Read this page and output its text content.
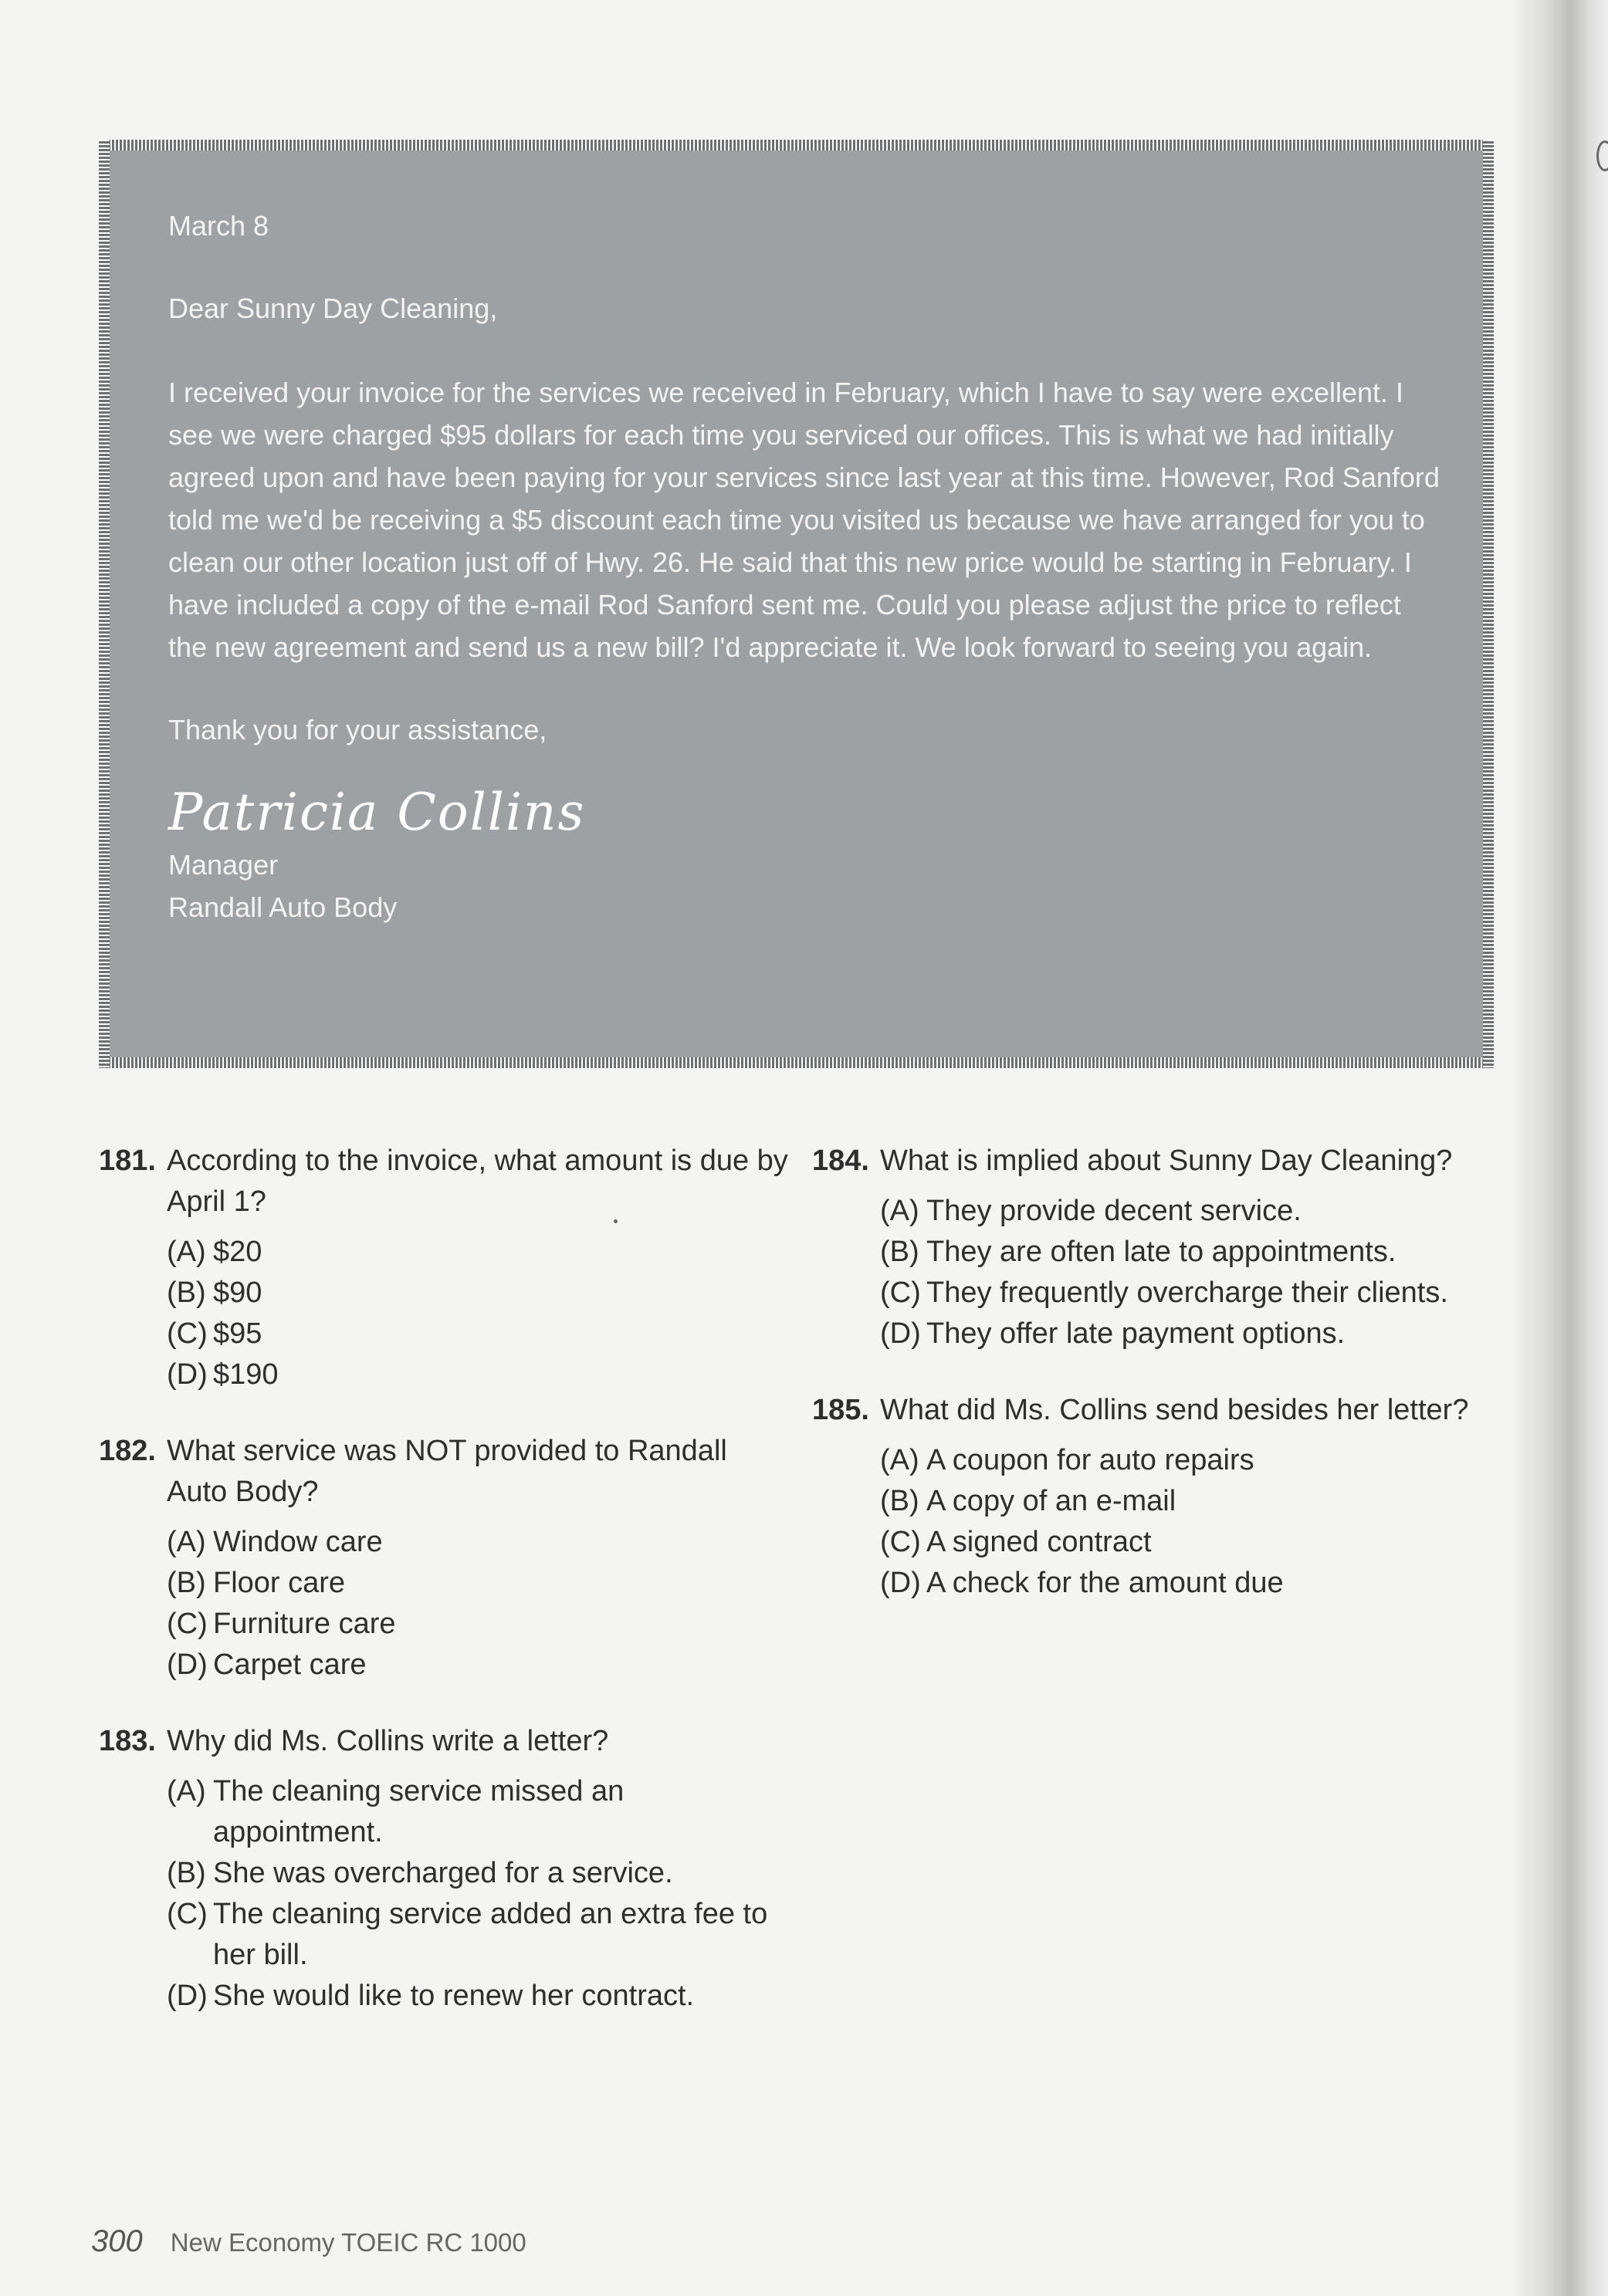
March 8

Dear Sunny Day Cleaning,

I received your invoice for the services we received in February, which I have to say were excellent. I see we were charged $95 dollars for each time you serviced our offices. This is what we had initially agreed upon and have been paying for your services since last year at this time. However, Rod Sanford told me we'd be receiving a $5 discount each time you visited us because we have arranged for you to clean our other location just off of Hwy. 26. He said that this new price would be starting in February. I have included a copy of the e-mail Rod Sanford sent me. Could you please adjust the price to reflect the new agreement and send us a new bill? I'd appreciate it. We look forward to seeing you again.

Thank you for your assistance,

Patricia Collins

Manager

Randall Auto Body

181. According to the invoice, what amount is due by April 1?
(A) $20
(B) $90
(C) $95
(D) $190
182. What service was NOT provided to Randall Auto Body?
(A) Window care
(B) Floor care
(C) Furniture care
(D) Carpet care
183. Why did Ms. Collins write a letter?
(A) The cleaning service missed an appointment.
(B) She was overcharged for a service.
(C) The cleaning service added an extra fee to her bill.
(D) She would like to renew her contract.
184. What is implied about Sunny Day Cleaning?
(A) They provide decent service.
(B) They are often late to appointments.
(C) They frequently overcharge their clients.
(D) They offer late payment options.
185. What did Ms. Collins send besides her letter?
(A) A coupon for auto repairs
(B) A copy of an e-mail
(C) A signed contract
(D) A check for the amount due
300 New Economy TOEIC RC 1000
